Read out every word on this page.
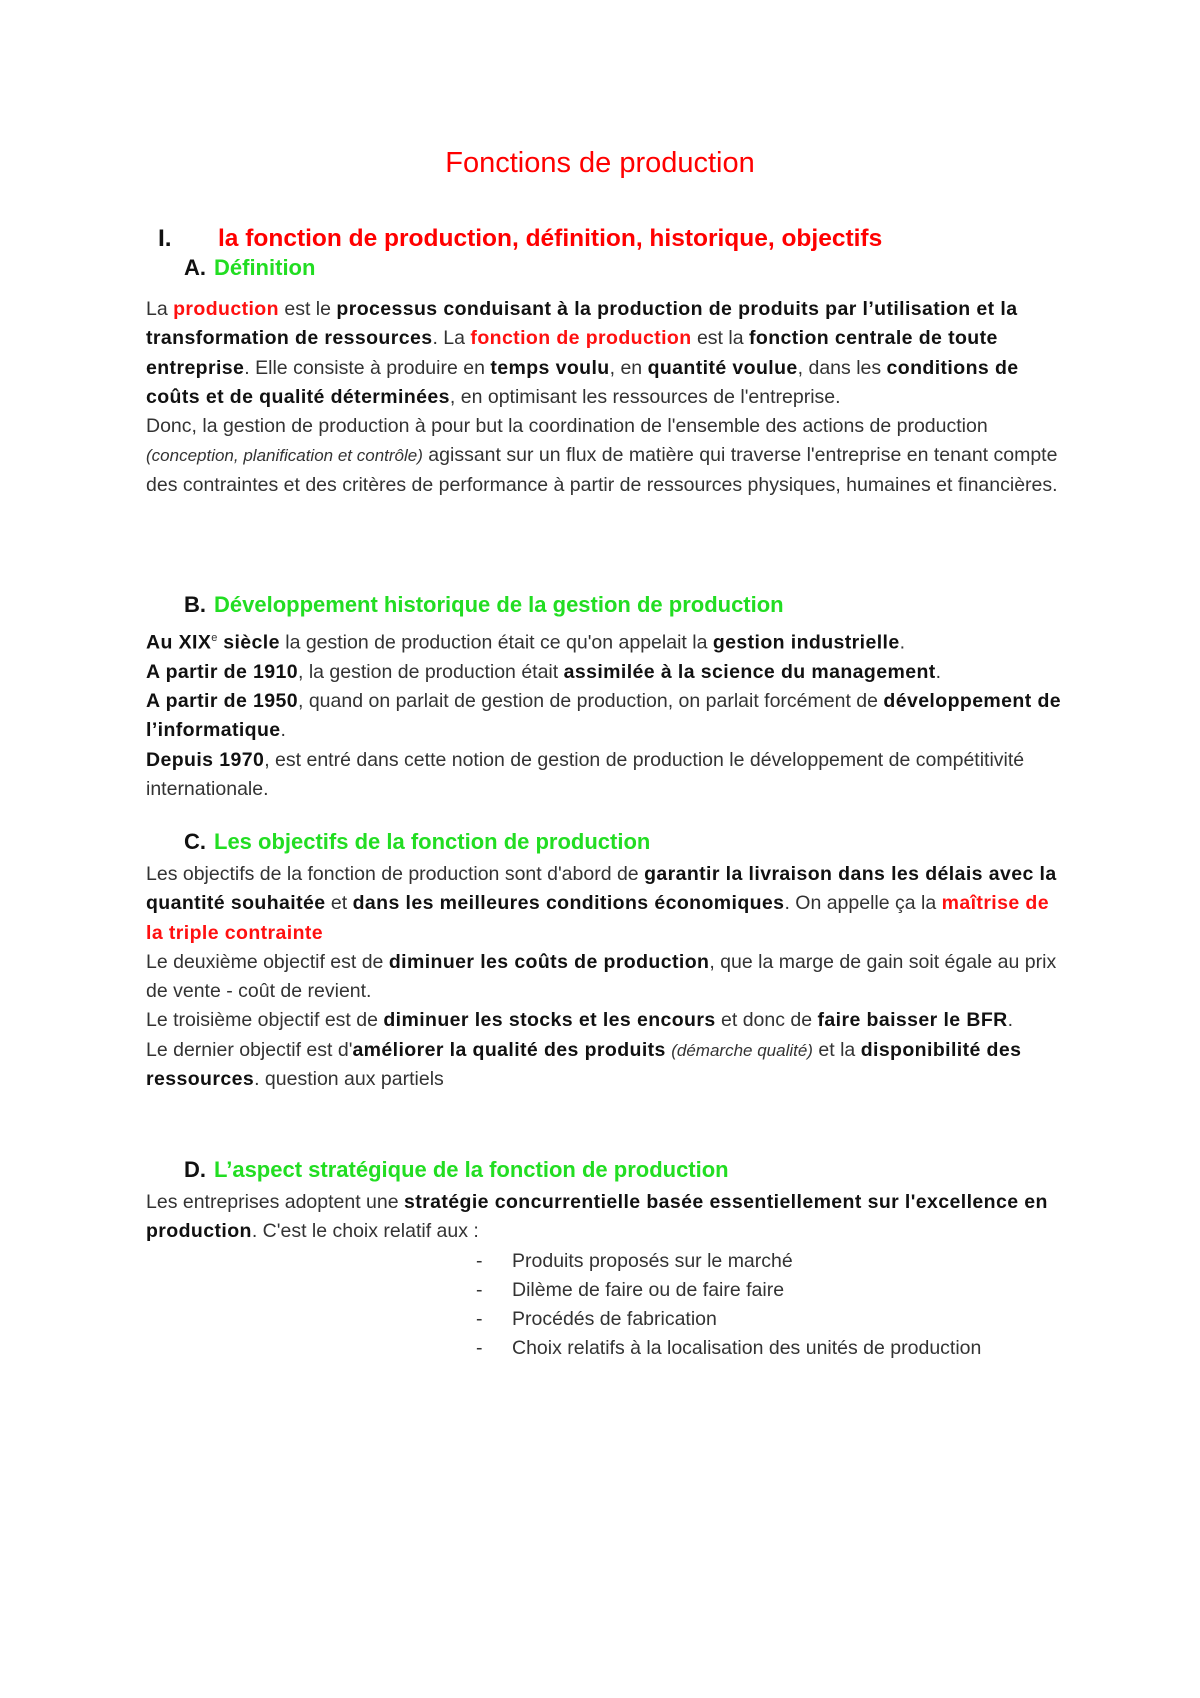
Fonctions de production
I. la fonction de production, définition, historique, objectifs
A. Définition

La production est le processus conduisant à la production de produits par l’utilisation et la transformation de ressources. La fonction de production est la fonction centrale de toute entreprise. Elle consiste à produire en temps voulu, en quantité voulue, dans les conditions de coûts et de qualité déterminées, en optimisant les ressources de l'entreprise.

Donc, la gestion de production à pour but la coordination de l'ensemble des actions de production (conception, planification et contrôle) agissant sur un flux de matière qui traverse l'entreprise en tenant compte des contraintes et des critères de performance à partir de ressources physiques, humaines et financières.

B. Développement historique de la gestion de production

Au XIXe siècle la gestion de production était ce qu'on appelait la gestion industrielle.

A partir de 1910, la gestion de production était assimilée à la science du management.

A partir de 1950, quand on parlait de gestion de production, on parlait forcément de développement de l’informatique.

Depuis 1970, est entré dans cette notion de gestion de production le développement de compétitivité internationale.

C. Les objectifs de la fonction de production

Les objectifs de la fonction de production sont d'abord de garantir la livraison dans les délais avec la quantité souhaitée et dans les meilleures conditions économiques. On appelle ça la maîtrise de la triple contrainte

Le deuxième objectif est de diminuer les coûts de production, que la marge de gain soit égale au prix de vente - coût de revient.

Le troisième objectif est de diminuer les stocks et les encours et donc de faire baisser le BFR.

Le dernier objectif est d'améliorer la qualité des produits (démarche qualité) et la disponibilité des ressources. question aux partiels

D. L’aspect stratégique de la fonction de production

Les entreprises adoptent une stratégie concurrentielle basée essentiellement sur l'excellence en production. C'est le choix relatif aux :

- Produits proposés sur le marché
- Dilème de faire ou de faire faire
- Procédés de fabrication
- Choix relatifs à la localisation des unités de production
